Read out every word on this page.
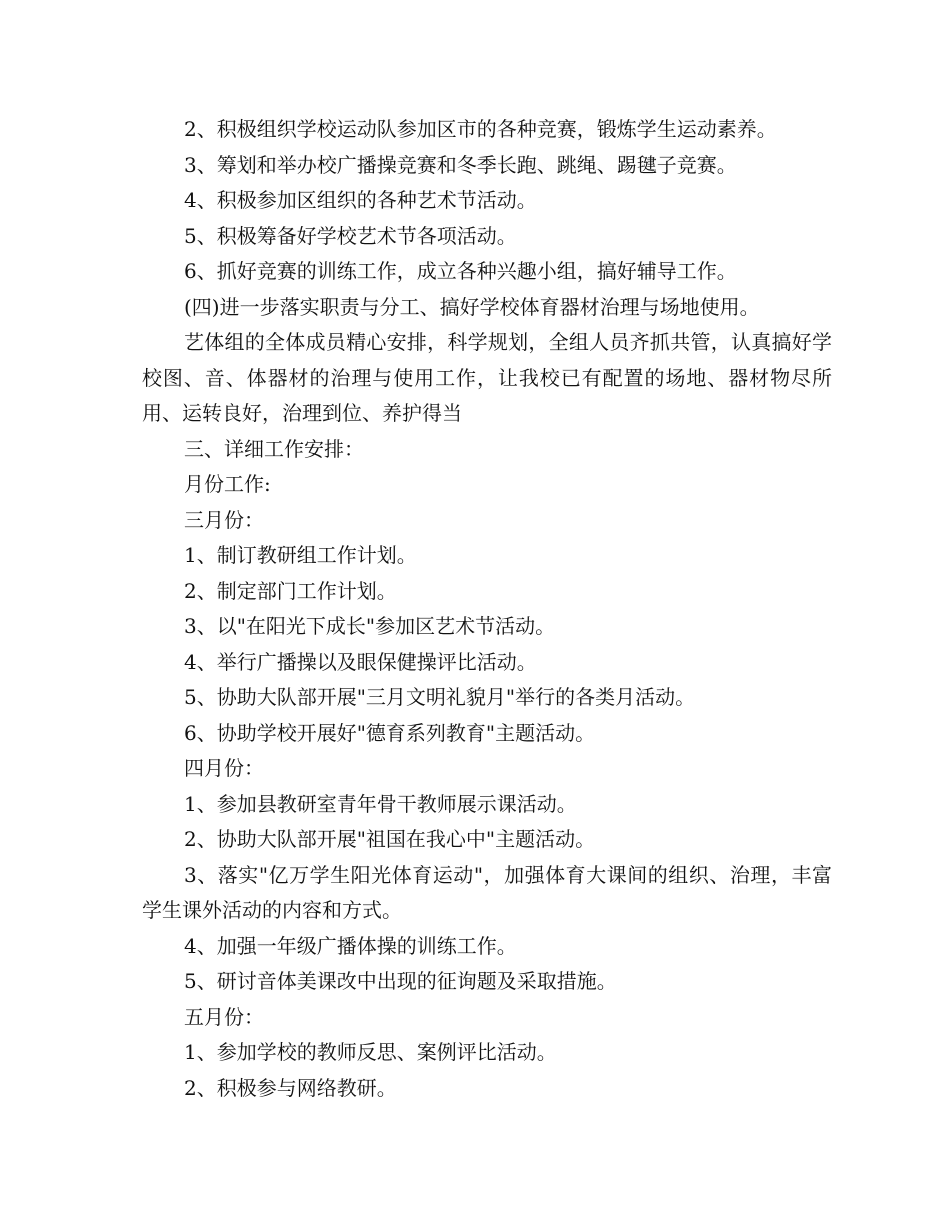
2、积极组织学校运动队参加区市的各种竞赛，锻炼学生运动素养。

3、筹划和举办校广播操竞赛和冬季长跑、跳绳、踢毽子竞赛。

4、积极参加区组织的各种艺术节活动。

5、积极筹备好学校艺术节各项活动。

6、抓好竞赛的训练工作，成立各种兴趣小组，搞好辅导工作。

(四)进一步落实职责与分工、搞好学校体育器材治理与场地使用。

艺体组的全体成员精心安排，科学规划，全组人员齐抓共管，认真搞好学校图、音、体器材的治理与使用工作，让我校已有配置的场地、器材物尽所用、运转良好，治理到位、养护得当

三、详细工作安排：

月份工作:

三月份：

1、制订教研组工作计划。

2、制定部门工作计划。

3、以"在阳光下成长"参加区艺术节活动。

4、举行广播操以及眼保健操评比活动。

5、协助大队部开展"三月文明礼貌月"举行的各类月活动。

6、协助学校开展好"德育系列教育"主题活动。

四月份：

1、参加县教研室青年骨干教师展示课活动。

2、协助大队部开展"祖国在我心中"主题活动。

3、落实"亿万学生阳光体育运动"，加强体育大课间的组织、治理，丰富学生课外活动的内容和方式。

4、加强一年级广播体操的训练工作。

5、研讨音体美课改中出现的征询题及采取措施。

五月份：

1、参加学校的教师反思、案例评比活动。

2、积极参与网络教研。
